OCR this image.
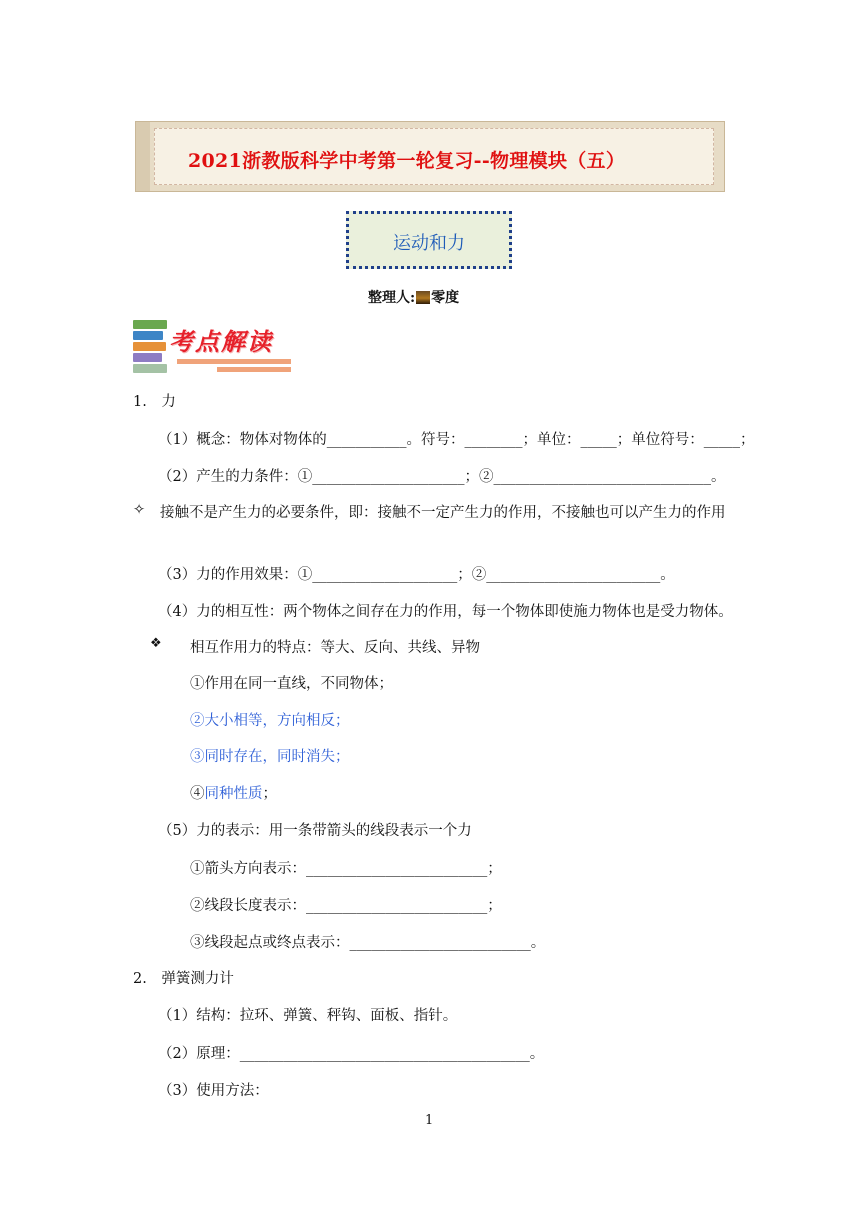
2021浙教版科学中考第一轮复习--物理模块（五）
运动和力
整理人: 零度
考点解读
1.　力
（1）概念：物体对物体的___________。符号：________；单位：_____；单位符号：_____；
（2）产生的力条件：①_____________________；②______________________________。
✧ 接触不是产生力的必要条件，即：接触不一定产生力的作用，不接触也可以产生力的作用
（3）力的作用效果：①____________________；②________________________。
（4）力的相互性：两个物体之间存在力的作用，每一个物体即使施力物体也是受力物体。
❖ 相互作用力的特点：等大、反向、共线、异物
①作用在同一直线，不同物体；
②大小相等，方向相反；
③同时存在，同时消失；
④同种性质；
（5）力的表示：用一条带箭头的线段表示一个力
①箭头方向表示：_________________________；
②线段长度表示：_________________________；
③线段起点或终点表示：_________________________。
2.　弹簧测力计
（1）结构：拉环、弹簧、秤钩、面板、指针。
（2）原理：________________________________________。
（3）使用方法：
1
